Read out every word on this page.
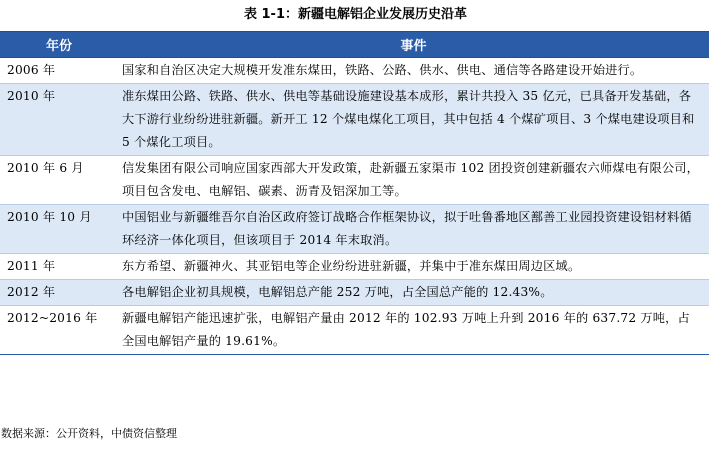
表 1-1：新疆电解铝企业发展历史沿革
年份	事件
2006 年	国家和自治区决定大规模开发准东煤田，铁路、公路、供水、供电、通信等各路建设开始进行。
2010 年	准东煤田公路、铁路、供水、供电等基础设施建设基本成形，累计共投入 35 亿元，已具备开发基础，各大下游行业纷纷进驻新疆。新开工 12 个煤电煤化工项目，其中包括 4 个煤矿项目、3 个煤电建设项目和 5 个煤化工项目。
2010 年 6 月	信发集团有限公司响应国家西部大开发政策，赴新疆五家渠市 102 团投资创建新疆农六师煤电有限公司，项目包含发电、电解铝、碳素、沥青及铝深加工等。
2010 年 10 月	中国铝业与新疆维吾尔自治区政府签订战略合作框架协议，拟于吐鲁番地区鄯善工业园投资建设铝材料循环经济一体化项目，但该项目于 2014 年末取消。
2011 年	东方希望、新疆神火、其亚铝电等企业纷纷进驻新疆，并集中于准东煤田周边区域。
2012 年	各电解铝企业初具规模，电解铝总产能 252 万吨，占全国总产能的 12.43%。
2012~2016 年	新疆电解铝产能迅速扩张，电解铝产量由 2012 年的 102.93 万吨上升到 2016 年的 637.72 万吨，占全国电解铝产量的 19.61%。
数据来源：公开资料，中债资信整理
